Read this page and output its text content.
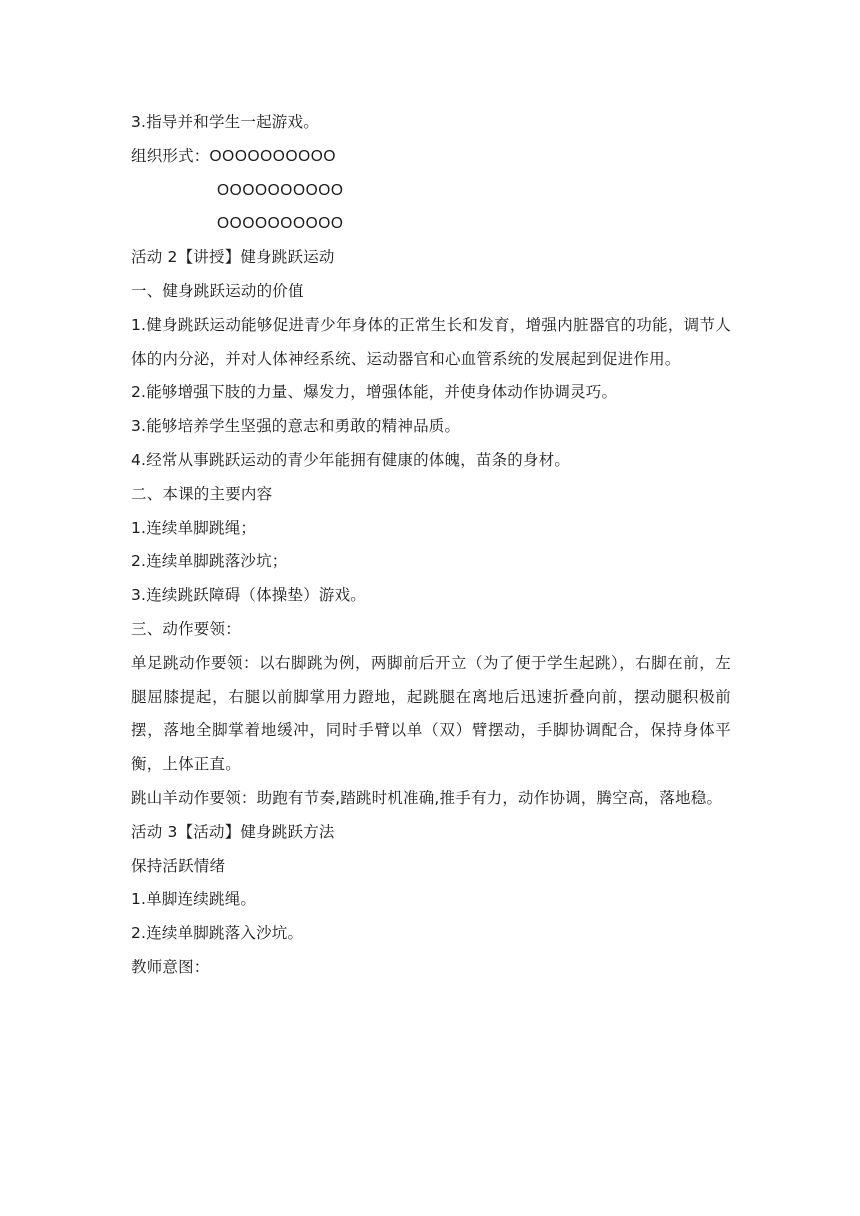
3.指导并和学生一起游戏。
组织形式：OOOOOOOOOO
OOOOOOOOOO
OOOOOOOOOO
活动 2【讲授】健身跳跃运动
一、健身跳跃运动的价值
1.健身跳跃运动能够促进青少年身体的正常生长和发育，增强内脏器官的功能，调节人体的内分泌，并对人体神经系统、运动器官和心血管系统的发展起到促进作用。
2.能够增强下肢的力量、爆发力，增强体能，并使身体动作协调灵巧。
3.能够培养学生坚强的意志和勇敢的精神品质。
4.经常从事跳跃运动的青少年能拥有健康的体魄，苗条的身材。
二、本课的主要内容
1.连续单脚跳绳；
2.连续单脚跳落沙坑；
3.连续跳跃障碍（体操垫）游戏。
三、动作要领：
单足跳动作要领：以右脚跳为例，两脚前后开立（为了便于学生起跳），右脚在前，左腿屈膝提起，右腿以前脚掌用力蹬地，起跳腿在离地后迅速折叠向前，摆动腿积极前摆，落地全脚掌着地缓冲，同时手臂以单（双）臂摆动，手脚协调配合，保持身体平衡，上体正直。
跳山羊动作要领：助跑有节奏,踏跳时机准确,推手有力，动作协调，腾空高，落地稳。
活动 3【活动】健身跳跃方法
保持活跃情绪
1.单脚连续跳绳。
2.连续单脚跳落入沙坑。
教师意图：
